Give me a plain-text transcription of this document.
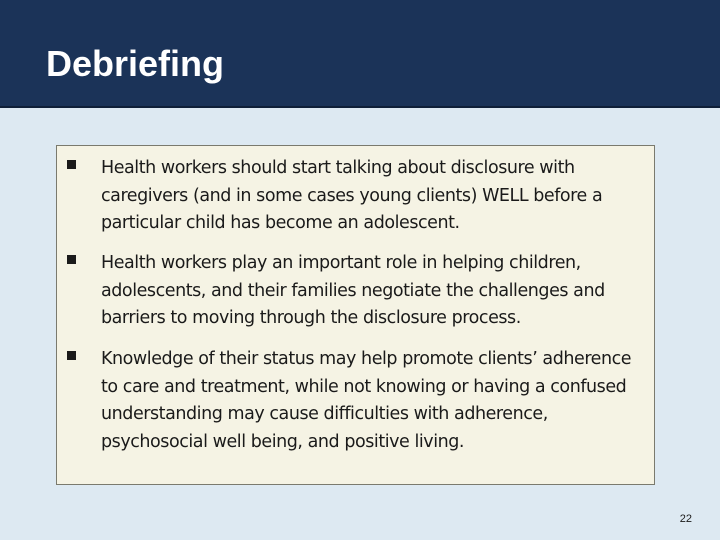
Debriefing

Health workers should start talking about disclosure with caregivers (and in some cases young clients) WELL before a particular child has become an adolescent.

Health workers play an important role in helping children, adolescents, and their families negotiate the challenges and barriers to moving through the disclosure process.

Knowledge of their status may help promote clients’ adherence to care and treatment, while not knowing or having a confused understanding may cause difficulties with adherence, psychosocial well being, and positive living.

22
